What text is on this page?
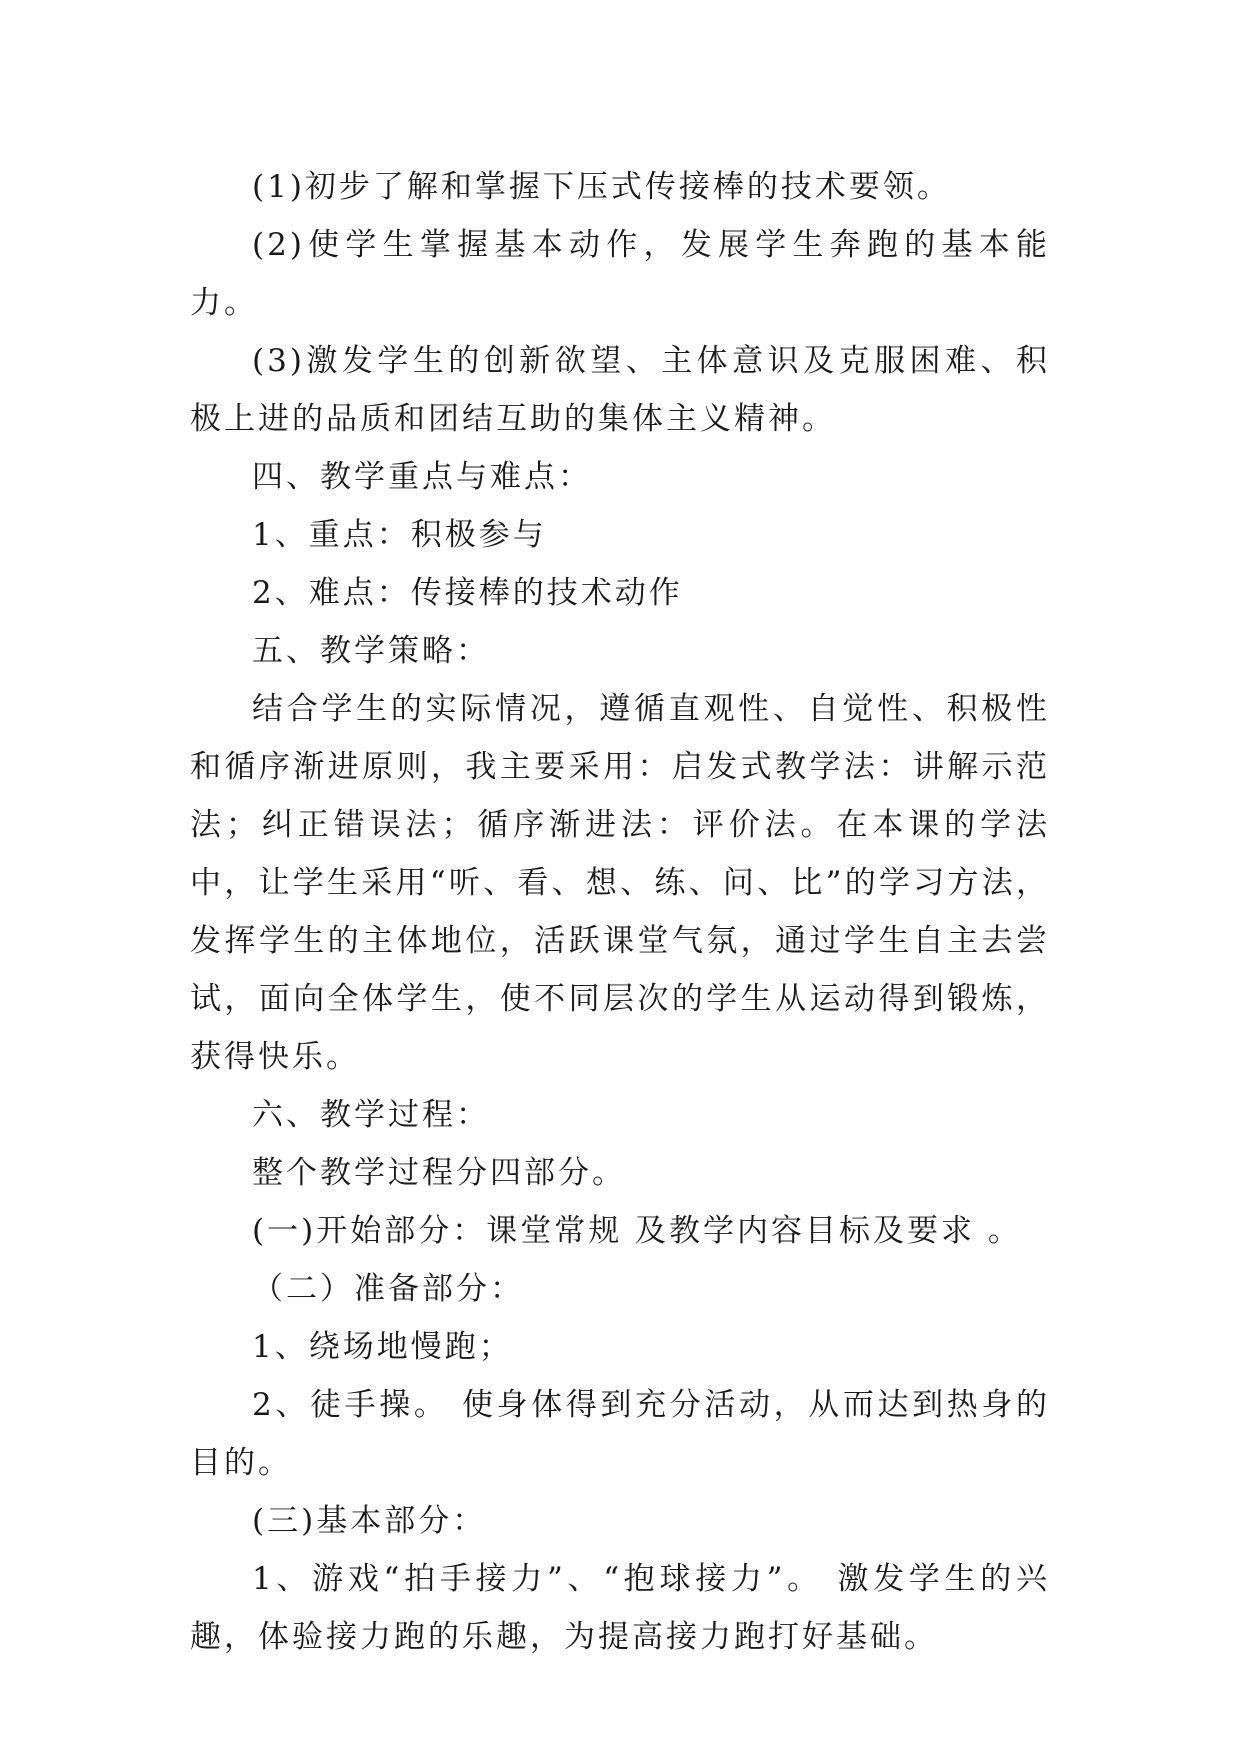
(1)初步了解和掌握下压式传接棒的技术要领。

(2)使学生掌握基本动作，发展学生奔跑的基本能力。

(3)激发学生的创新欲望、主体意识及克服困难、积极上进的品质和团结互助的集体主义精神。

四、教学重点与难点：

1、重点：积极参与

2、难点：传接棒的技术动作

五、教学策略：

结合学生的实际情况，遵循直观性、自觉性、积极性和循序渐进原则，我主要采用：启发式教学法：讲解示范法；纠正错误法；循序渐进法：评价法。在本课的学法中，让学生采用“听、看、想、练、问、比”的学习方法，发挥学生的主体地位，活跃课堂气氛，通过学生自主去尝试，面向全体学生，使不同层次的学生从运动得到锻炼，获得快乐。

六、教学过程：

整个教学过程分四部分。

(一)开始部分：课堂常规 及教学内容目标及要求 。

（二）准备部分：

1、绕场地慢跑；

2、徒手操。 使身体得到充分活动，从而达到热身的目的。

(三)基本部分：

1、游戏“拍手接力”、“抱球接力”。 激发学生的兴趣，体验接力跑的乐趣，为提高接力跑打好基础。
